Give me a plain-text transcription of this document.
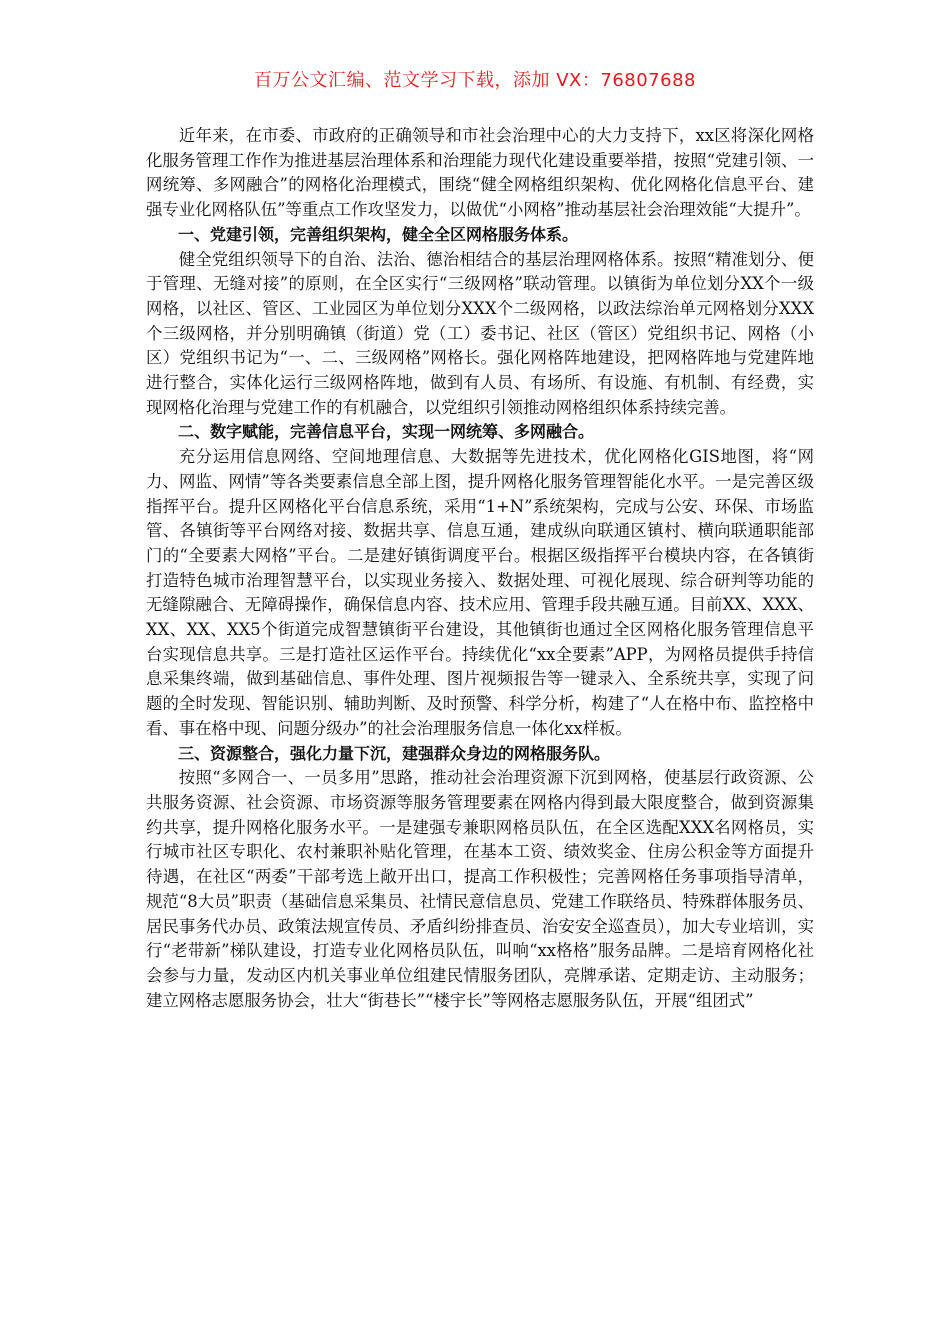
百万公文汇编、范文学习下载，添加 VX：76807688

近年来，在市委、市政府的正确领导和市社会治理中心的大力支持下，xx区将深化网格化服务管理工作作为推进基层治理体系和治理能力现代化建设重要举措，按照“党建引领、一网统筹、多网融合”的网格化治理模式，围绕“健全网格组织架构、优化网格化信息平台、建强专业化网格队伍”等重点工作攻坚发力，以做优“小网格”推动基层社会治理效能“大提升”。

一、党建引领，完善组织架构，健全全区网格服务体系。

健全党组织领导下的自治、法治、德治相结合的基层治理网格体系。按照“精准划分、便于管理、无缝对接”的原则，在全区实行“三级网格”联动管理。以镇街为单位划分XX个一级网格，以社区、管区、工业园区为单位划分XXX个二级网格，以政法综治单元网格划分XXX个三级网格，并分别明确镇（街道）党（工）委书记、社区（管区）党组织书记、网格（小区）党组织书记为“一、二、三级网格”网格长。强化网格阵地建设，把网格阵地与党建阵地进行整合，实体化运行三级网格阵地，做到有人员、有场所、有设施、有机制、有经费，实现网格化治理与党建工作的有机融合，以党组织引领推动网格组织体系持续完善。

二、数字赋能，完善信息平台，实现一网统筹、多网融合。

充分运用信息网络、空间地理信息、大数据等先进技术，优化网格化GIS地图，将“网力、网监、网情”等各类要素信息全部上图，提升网格化服务管理智能化水平。一是完善区级指挥平台。提升区网格化平台信息系统，采用“1+N”系统架构，完成与公安、环保、市场监管、各镇街等平台网络对接、数据共享、信息互通，建成纵向联通区镇村、横向联通职能部门的“全要素大网格”平台。二是建好镇街调度平台。根据区级指挥平台模块内容，在各镇街打造特色城市治理智慧平台，以实现业务接入、数据处理、可视化展现、综合研判等功能的无缝隙融合、无障碍操作，确保信息内容、技术应用、管理手段共融互通。目前XX、XXX、XX、XX、XX5个街道完成智慧镇街平台建设，其他镇街也通过全区网格化服务管理信息平台实现信息共享。三是打造社区运作平台。持续优化“xx全要素”APP，为网格员提供手持信息采集终端，做到基础信息、事件处理、图片视频报告等一键录入、全系统共享，实现了问题的全时发现、智能识别、辅助判断、及时预警、科学分析，构建了“人在格中布、监控格中看、事在格中现、问题分级办”的社会治理服务信息一体化xx样板。

三、资源整合，强化力量下沉，建强群众身边的网格服务队。

按照“多网合一、一员多用”思路，推动社会治理资源下沉到网格，使基层行政资源、公共服务资源、社会资源、市场资源等服务管理要素在网格内得到最大限度整合，做到资源集约共享，提升网格化服务水平。一是建强专兼职网格员队伍，在全区选配XXX名网格员，实行城市社区专职化、农村兼职补贴化管理，在基本工资、绩效奖金、住房公积金等方面提升待遇，在社区“两委”干部考选上敞开出口，提高工作积极性；完善网格任务事项指导清单，规范“8大员”职责（基础信息采集员、社情民意信息员、党建工作联络员、特殊群体服务员、居民事务代办员、政策法规宣传员、矛盾纠纷排查员、治安安全巡查员），加大专业培训，实行“老带新”梯队建设，打造专业化网格员队伍，叫响“xx格格”服务品牌。二是培育网格化社会参与力量，发动区内机关事业单位组建民情服务团队，亮牌承诺、定期走访、主动服务；建立网格志愿服务协会，壮大“街巷长”“楼宇长”等网格志愿服务队伍，开展“组团式”
